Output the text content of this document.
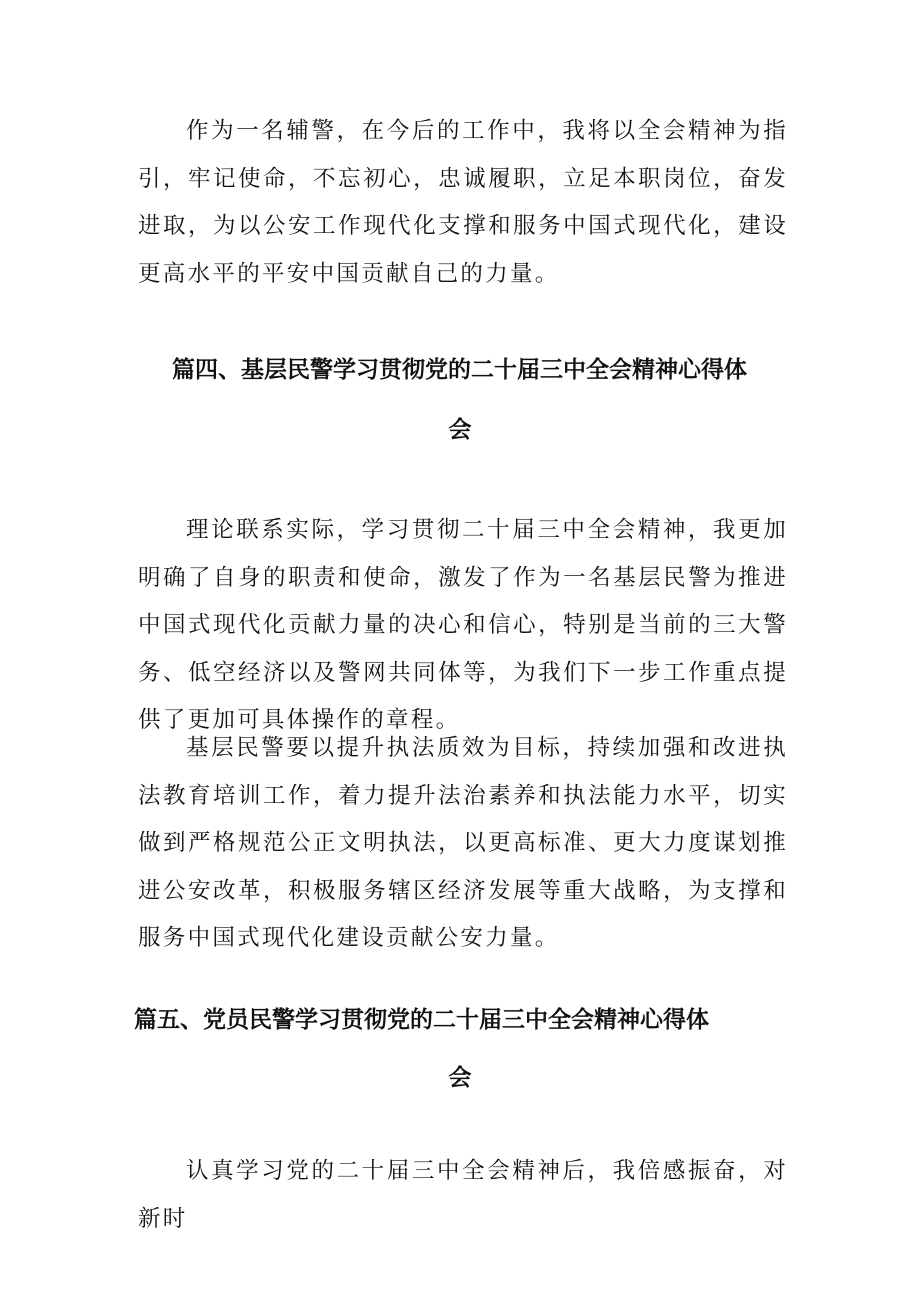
作为一名辅警，在今后的工作中，我将以全会精神为指引，牢记使命，不忘初心，忠诚履职，立足本职岗位，奋发进取，为以公安工作现代化支撑和服务中国式现代化，建设更高水平的平安中国贡献自己的力量。

篇四、基层民警学习贯彻党的二十届三中全会精神心得体
会

理论联系实际，学习贯彻二十届三中全会精神，我更加明确了自身的职责和使命，激发了作为一名基层民警为推进中国式现代化贡献力量的决心和信心，特别是当前的三大警务、低空经济以及警网共同体等，为我们下一步工作重点提供了更加可具体操作的章程。

基层民警要以提升执法质效为目标，持续加强和改进执法教育培训工作，着力提升法治素养和执法能力水平，切实做到严格规范公正文明执法，以更高标准、更大力度谋划推进公安改革，积极服务辖区经济发展等重大战略，为支撑和服务中国式现代化建设贡献公安力量。

篇五、党员民警学习贯彻党的二十届三中全会精神心得体
会

认真学习党的二十届三中全会精神后，我倍感振奋，对新时
